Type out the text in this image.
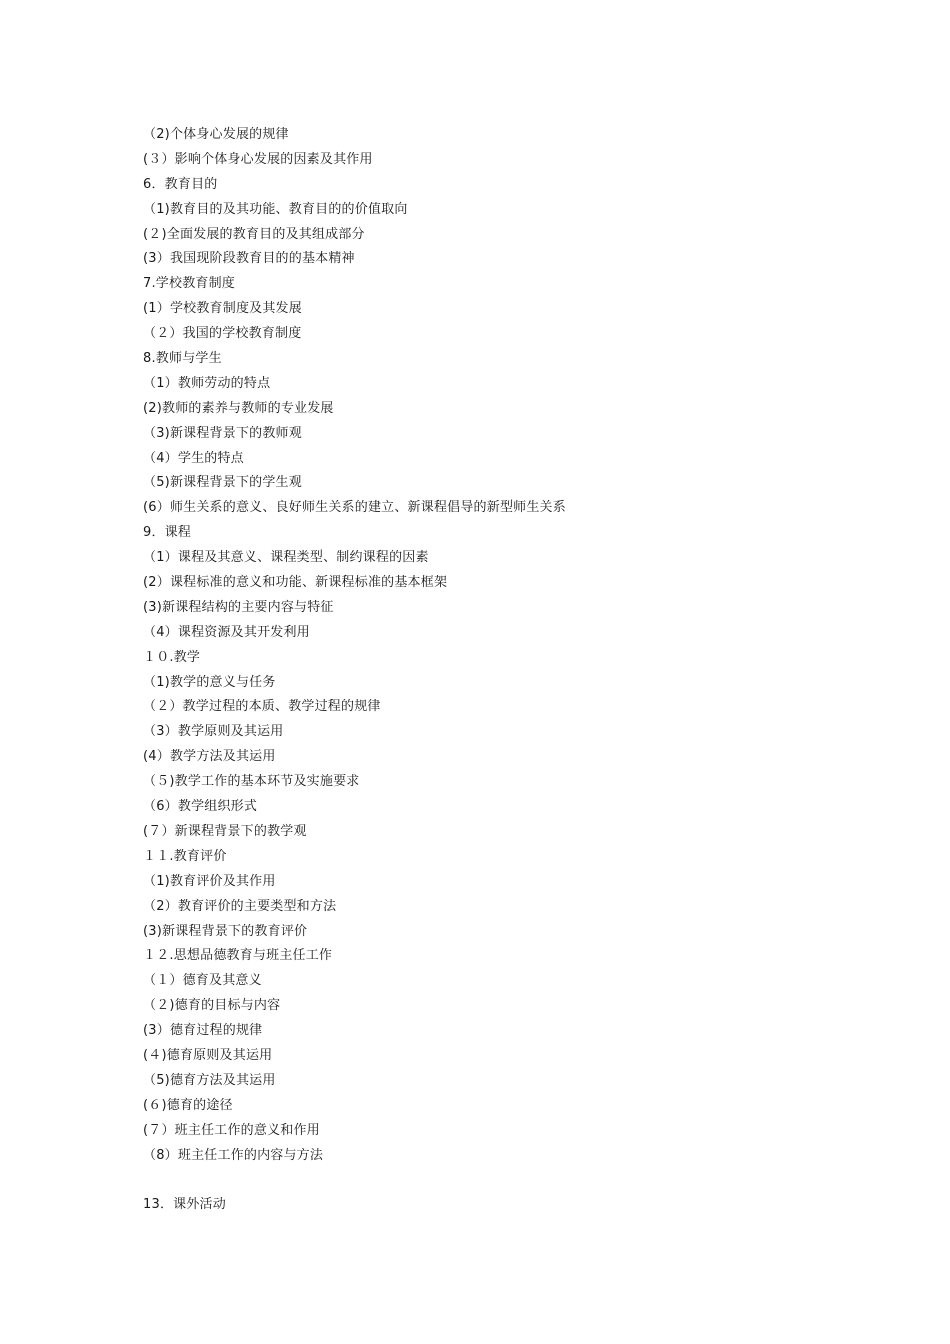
（2)个体身心发展的规律
(３）影响个体身心发展的因素及其作用
6．教育目的
（1)教育目的及其功能、教育目的的价值取向
(２)全面发展的教育目的及其组成部分
(3）我国现阶段教育目的的基本精神
7.学校教育制度
(1）学校教育制度及其发展
（２）我国的学校教育制度
8.教师与学生
（1）教师劳动的特点
(2)教师的素养与教师的专业发展
（3)新课程背景下的教师观
（4）学生的特点
（5)新课程背景下的学生观
(6）师生关系的意义、良好师生关系的建立、新课程倡导的新型师生关系
9．课程
（1）课程及其意义、课程类型、制约课程的因素
(2）课程标准的意义和功能、新课程标准的基本框架
(3)新课程结构的主要内容与特征
（4）课程资源及其开发利用
１０.教学
（1)教学的意义与任务
（２）教学过程的本质、教学过程的规律
（3）教学原则及其运用
(4）教学方法及其运用
（５)教学工作的基本环节及实施要求
（6）教学组织形式
(７）新课程背景下的教学观
１１.教育评价
（1)教育评价及其作用
（2）教育评价的主要类型和方法
(3)新课程背景下的教育评价
１２.思想品德教育与班主任工作
（１）德育及其意义
（２)德育的目标与内容
(3）德育过程的规律
(４)德育原则及其运用
（5)德育方法及其运用
(６)德育的途径
(７）班主任工作的意义和作用
（8）班主任工作的内容与方法
13．课外活动
